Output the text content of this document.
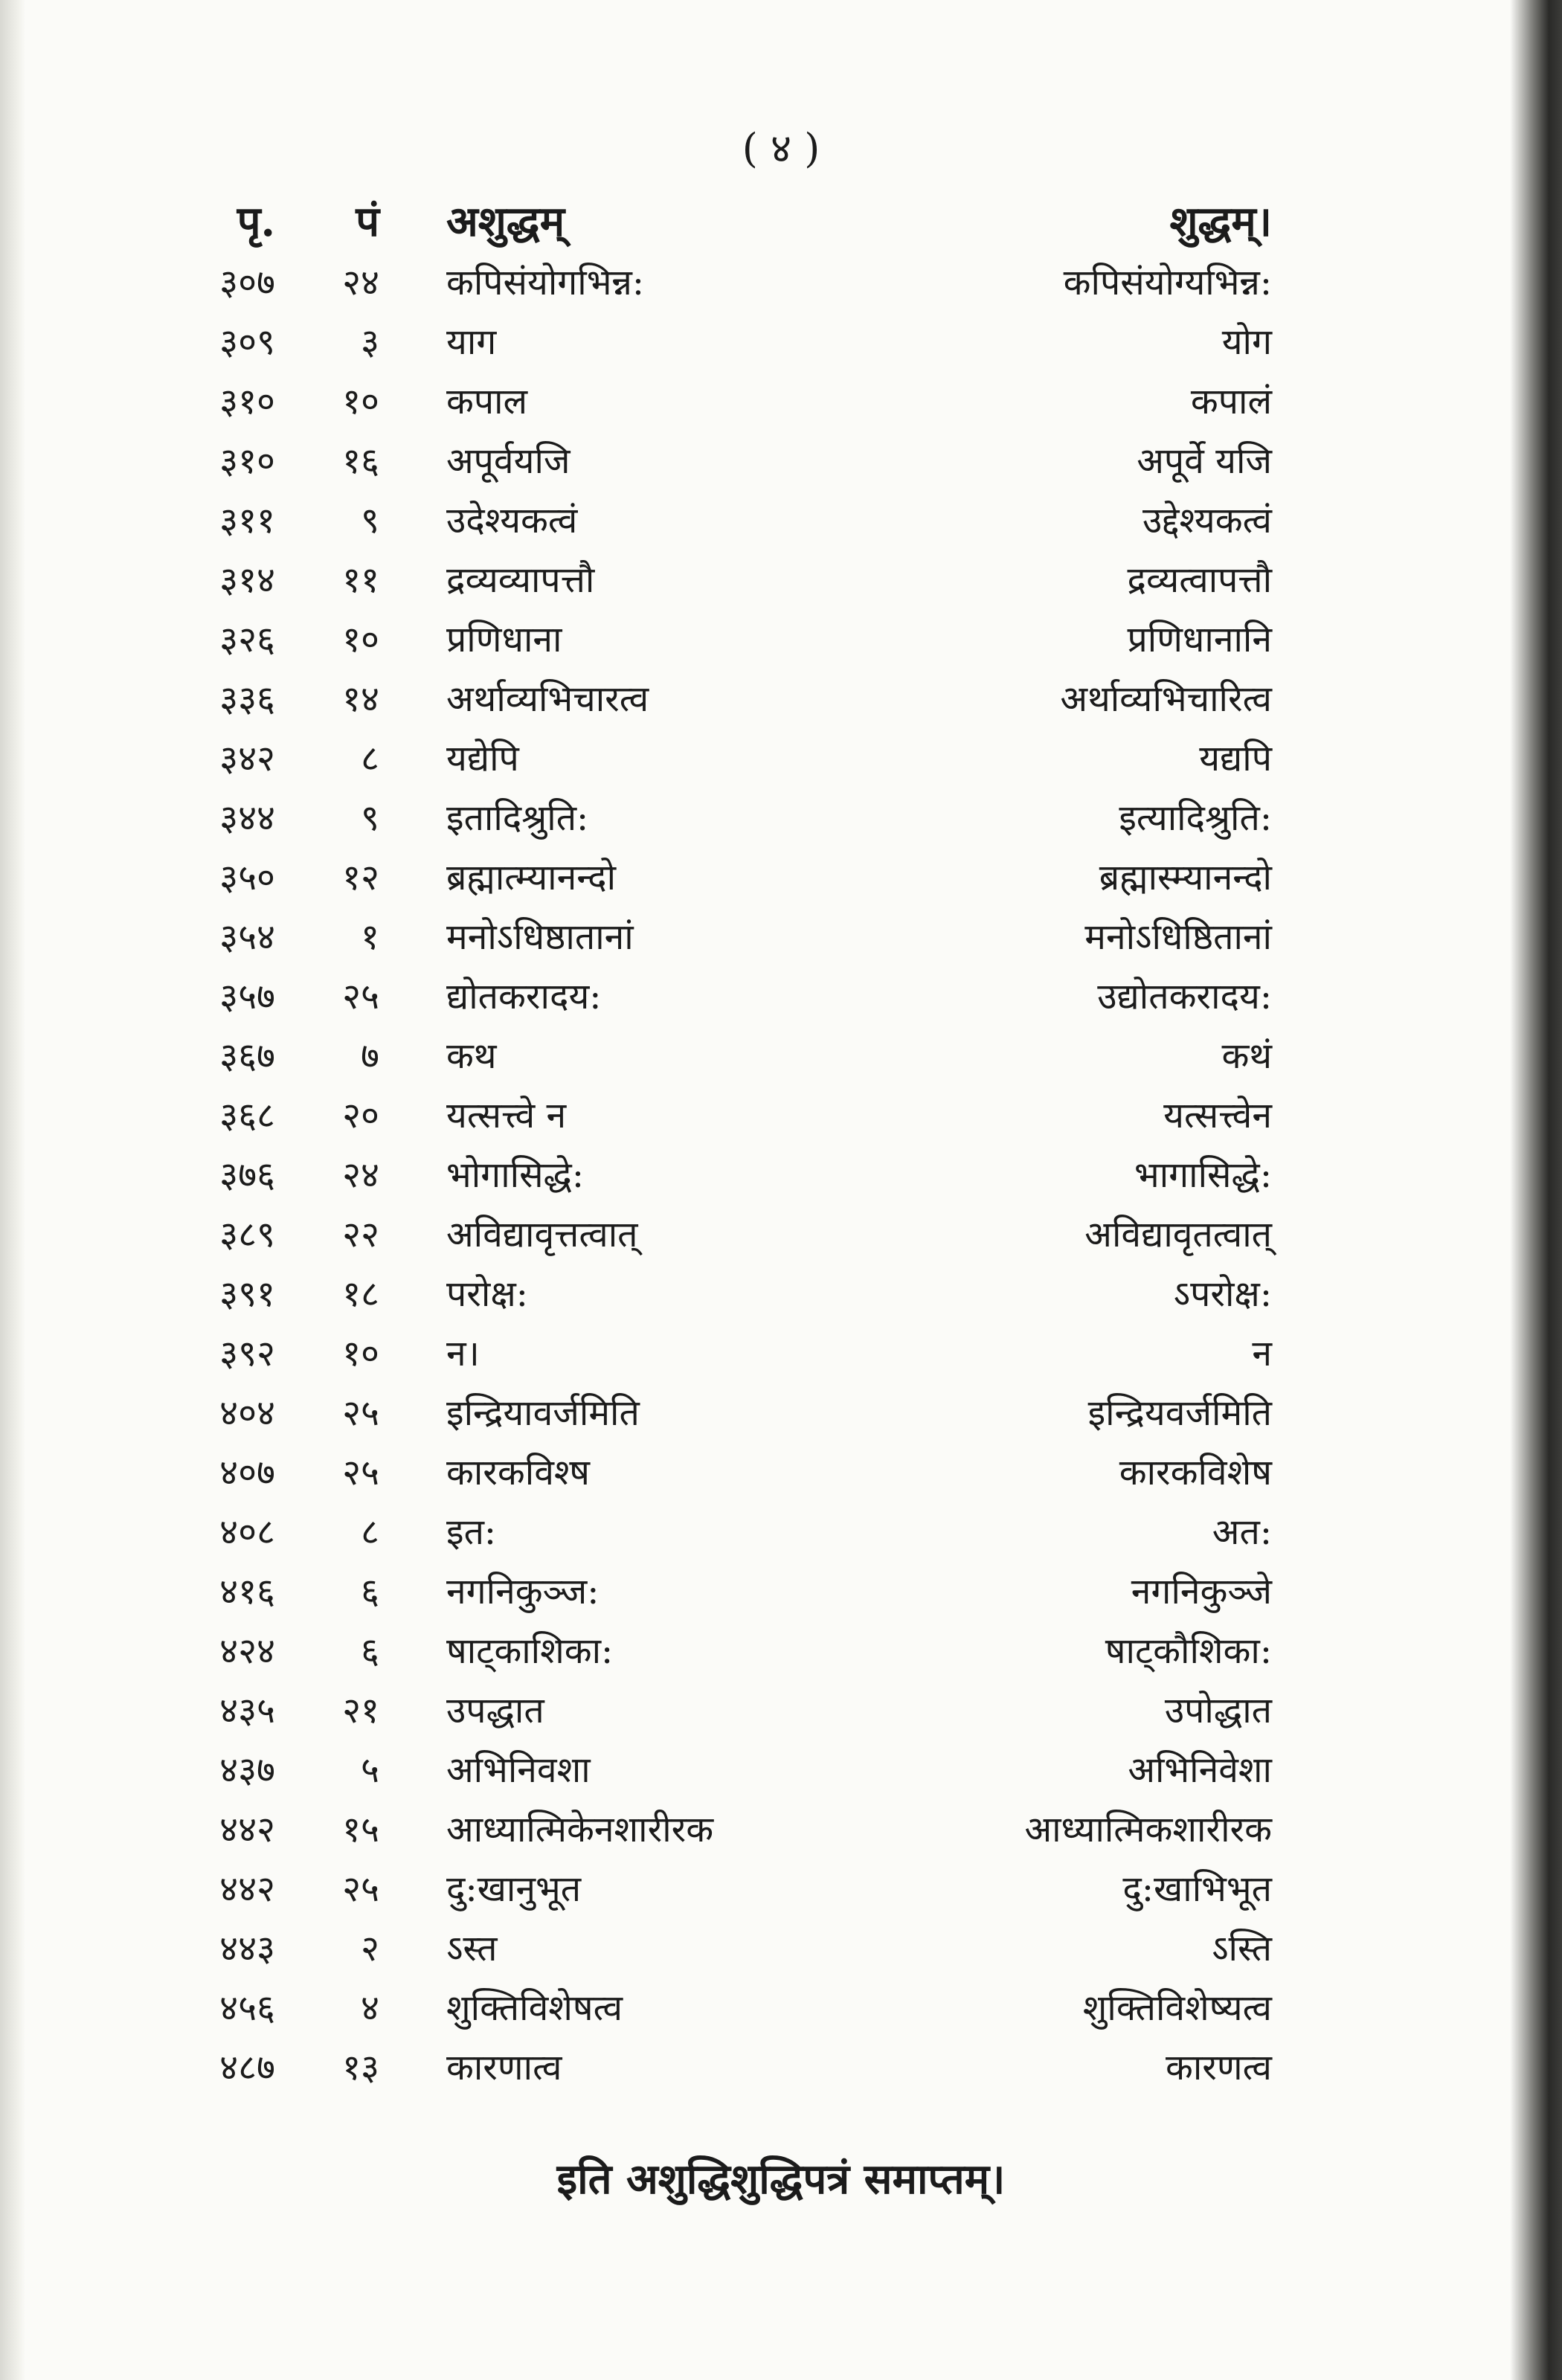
( ४ )
पृ.	पं अशुद्धम्	शुद्धम्।
३०७	२४ कपिसंयोगभिन्न:	कपिसंयोग्यभिन्न:
३०९	३ याग	योग
३१०	१० कपाल	कपालं
३१०	१६ अपूर्वयजि	अपूर्वे यजि
३११	९ उदेश्यकत्वं	उद्देश्यकत्वं
३१४	११ द्रव्यव्यापत्तौ	द्रव्यत्वापत्तौ
३२६	१० प्रणिधाना	प्रणिधानानि
३३६	१४ अर्थाव्यभिचारत्व	अर्थाव्यभिचारित्व
३४२	८ यद्येपि	यद्यपि
३४४	९ इतादिश्रुति:	इत्यादिश्रुति:
३५०	१२ ब्रह्मात्म्यानन्दो	ब्रह्मास्म्यानन्दो
३५४	१ मनोऽधिष्ठातानां	मनोऽधिष्ठितानां
३५७	२५ द्योतकरादय:	उद्योतकरादय:
३६७	७ कथ	कथं
३६८	२० यत्सत्त्वे न	यत्सत्त्वेन
३७६	२४ भोगासिद्धे:	भागासिद्धे:
३८९	२२ अविद्यावृत्तत्वात्	अविद्यावृतत्वात्
३९१	१८ परोक्ष:	ऽपरोक्ष:
३९२	१० न।	न
४०४	२५ इन्द्रियावर्जमिति	इन्द्रियवर्जमिति
४०७	२५ कारकविश्ष	कारकविशेष
४०८	८ इत:	अत:
४१६	६ नगनिकुञ्ज:	नगनिकुञ्जे
४२४	६ षाट्काशिका:	षाट्कौशिका:
४३५	२१ उपद्धात	उपोद्धात
४३७	५ अभिनिवशा	अभिनिवेशा
४४२	१५ आध्यात्मिकेनशारीरक	आध्यात्मिकशारीरक
४४२	२५ दु:खानुभूत	दु:खाभिभूत
४४३	२ ऽस्त	ऽस्ति
४५६	४ शुक्तिविशेषत्व	शुक्तिविशेष्यत्व
४८७	१३ कारणात्व	कारणत्व
इति अशुद्धिशुद्धिपत्रं समाप्तम्।
